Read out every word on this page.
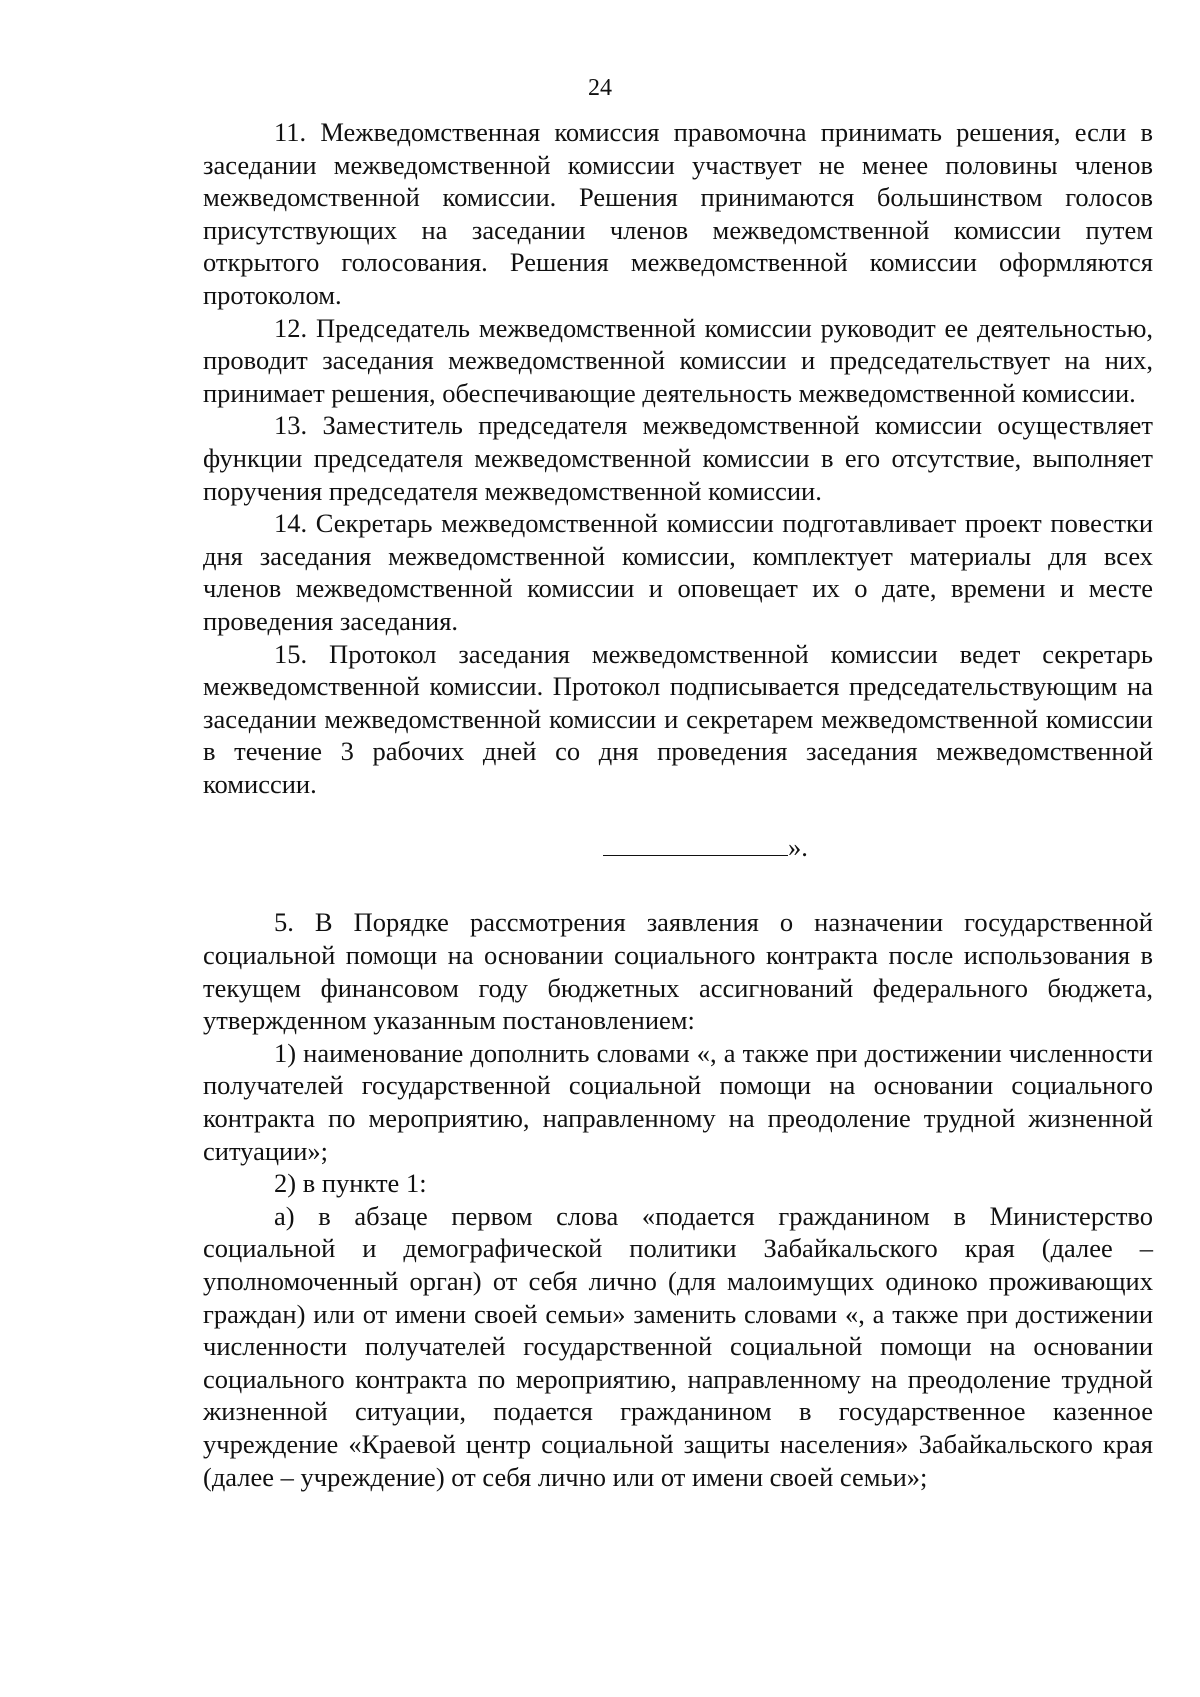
24

11. Межведомственная комиссия правомочна принимать решения, если в заседании межведомственной комиссии участвует не менее половины членов межведомственной комиссии. Решения принимаются большинством голосов присутствующих на заседании членов межведомственной комиссии путем открытого голосования. Решения межведомственной комиссии оформляются протоколом.

12. Председатель межведомственной комиссии руководит ее деятельностью, проводит заседания межведомственной комиссии и председательствует на них, принимает решения, обеспечивающие деятельность межведомственной комиссии.

13. Заместитель председателя межведомственной комиссии осуществляет функции председателя межведомственной комиссии в его отсутствие, выполняет поручения председателя межведомственной комиссии.

14. Секретарь межведомственной комиссии подготавливает проект повестки дня заседания межведомственной комиссии, комплектует материалы для всех членов межведомственной комиссии и оповещает их о дате, времени и месте проведения заседания.

15. Протокол заседания межведомственной комиссии ведет секретарь межведомственной комиссии. Протокол подписывается председательствующим на заседании межведомственной комиссии и секретарем межведомственной комиссии в течение 3 рабочих дней со дня проведения заседания межведомственной комиссии.

».

5. В Порядке рассмотрения заявления о назначении государственной социальной помощи на основании социального контракта после использования в текущем финансовом году бюджетных ассигнований федерального бюджета, утвержденном указанным постановлением:

1) наименование дополнить словами «, а также при достижении численности получателей государственной социальной помощи на основании социального контракта по мероприятию, направленному на преодоление трудной жизненной ситуации»;

2) в пункте 1:

а) в абзаце первом слова «подается гражданином в Министерство социальной и демографической политики Забайкальского края (далее – уполномоченный орган) от себя лично (для малоимущих одиноко проживающих граждан) или от имени своей семьи» заменить словами «, а также при достижении численности получателей государственной социальной помощи на основании социального контракта по мероприятию, направленному на преодоление трудной жизненной ситуации, подается гражданином в государственное казенное учреждение «Краевой центр социальной защиты населения» Забайкальского края (далее – учреждение) от себя лично или от имени своей семьи»;
